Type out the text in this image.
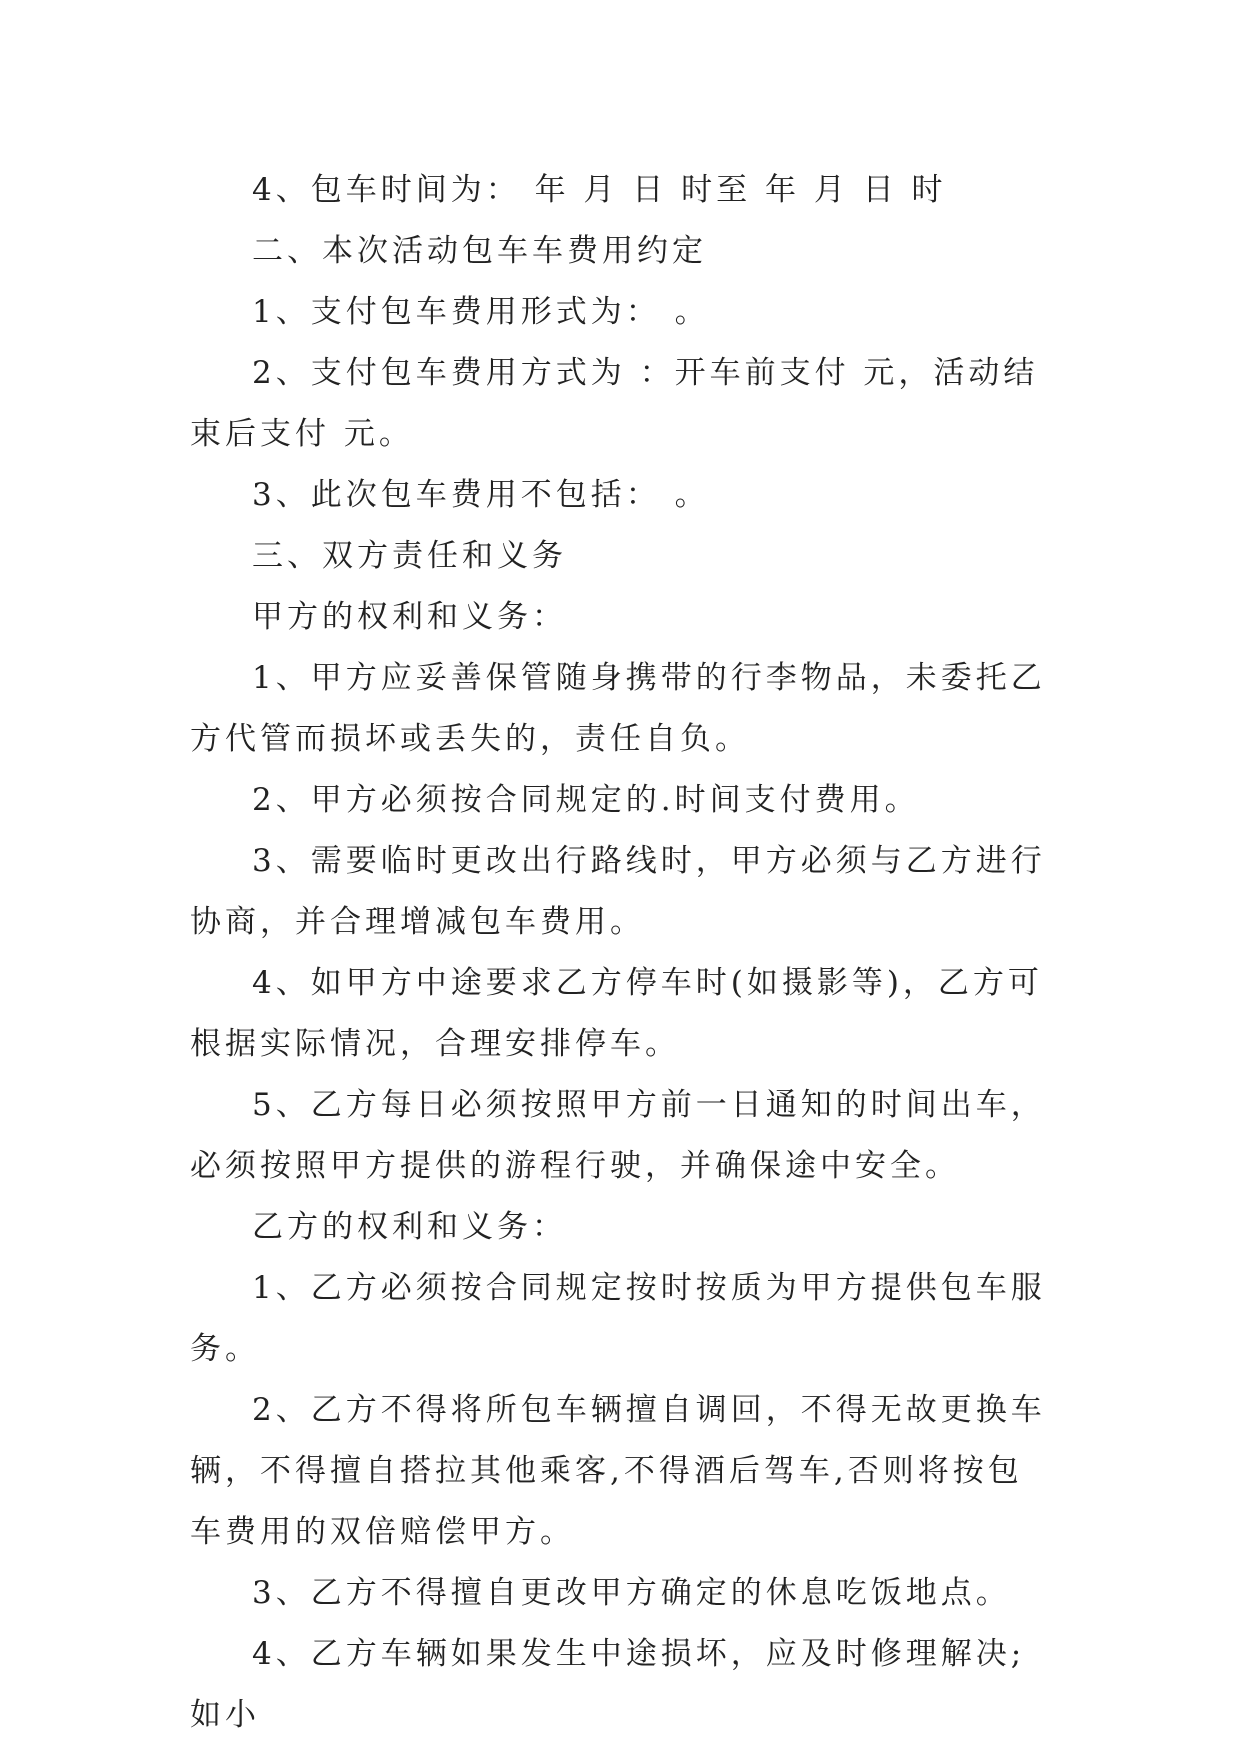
4、包车时间为： 年 月 日 时至 年 月 日 时

二、本次活动包车车费用约定

1、支付包车费用形式为： 。

2、支付包车费用方式为 ：开车前支付 元，活动结束后支付 元。

3、此次包车费用不包括： 。

三、双方责任和义务

甲方的权利和义务：

1、甲方应妥善保管随身携带的行李物品，未委托乙方代管而损坏或丢失的，责任自负。

2、甲方必须按合同规定的.时间支付费用。

3、需要临时更改出行路线时，甲方必须与乙方进行协商，并合理增减包车费用。

4、如甲方中途要求乙方停车时(如摄影等)，乙方可根据实际情况，合理安排停车。

5、乙方每日必须按照甲方前一日通知的时间出车，必须按照甲方提供的游程行驶，并确保途中安全。

乙方的权利和义务：

1、乙方必须按合同规定按时按质为甲方提供包车服务。

2、乙方不得将所包车辆擅自调回，不得无故更换车辆，不得擅自搭拉其他乘客,不得酒后驾车,否则将按包车费用的双倍赔偿甲方。

3、乙方不得擅自更改甲方确定的休息吃饭地点。

4、乙方车辆如果发生中途损坏，应及时修理解决;如小
